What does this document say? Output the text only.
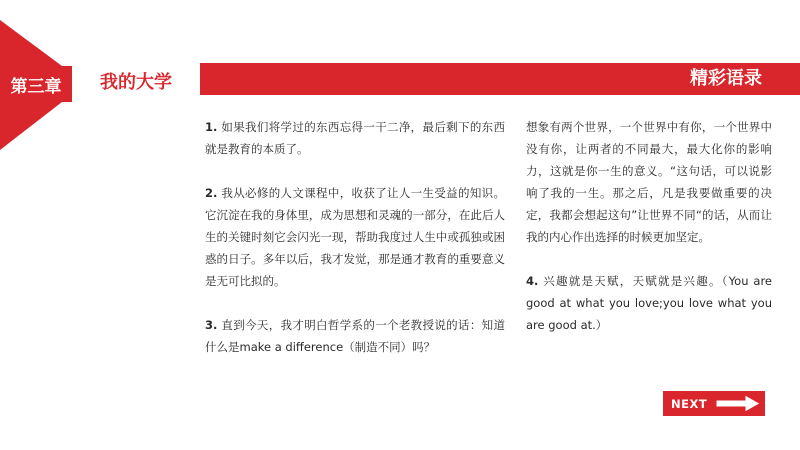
第三章	我的大学	精彩语录

1. 如果我们将学过的东西忘得一干二净，最后剩下的东西就是教育的本质了。

2. 我从必修的人文课程中，收获了让人一生受益的知识。它沉淀在我的身体里，成为思想和灵魂的一部分，在此后人生的关键时刻它会闪光一现，帮助我度过人生中或孤独或困惑的日子。多年以后，我才发觉，那是通才教育的重要意义是无可比拟的。

3. 直到今天，我才明白哲学系的一个老教授说的话：知道什么是make a difference（制造不同）吗？

想象有两个世界，一个世界中有你，一个世界中没有你，让两者的不同最大，最大化你的影响力，这就是你一生的意义。“这句话，可以说影响了我的一生。那之后，凡是我要做重要的决定，我都会想起这句”让世界不同“的话，从而让我的内心作出选择的时候更加坚定。

4. 兴趣就是天赋，天赋就是兴趣。（You are good at what you love;you love what you are good at.）

NEXT
